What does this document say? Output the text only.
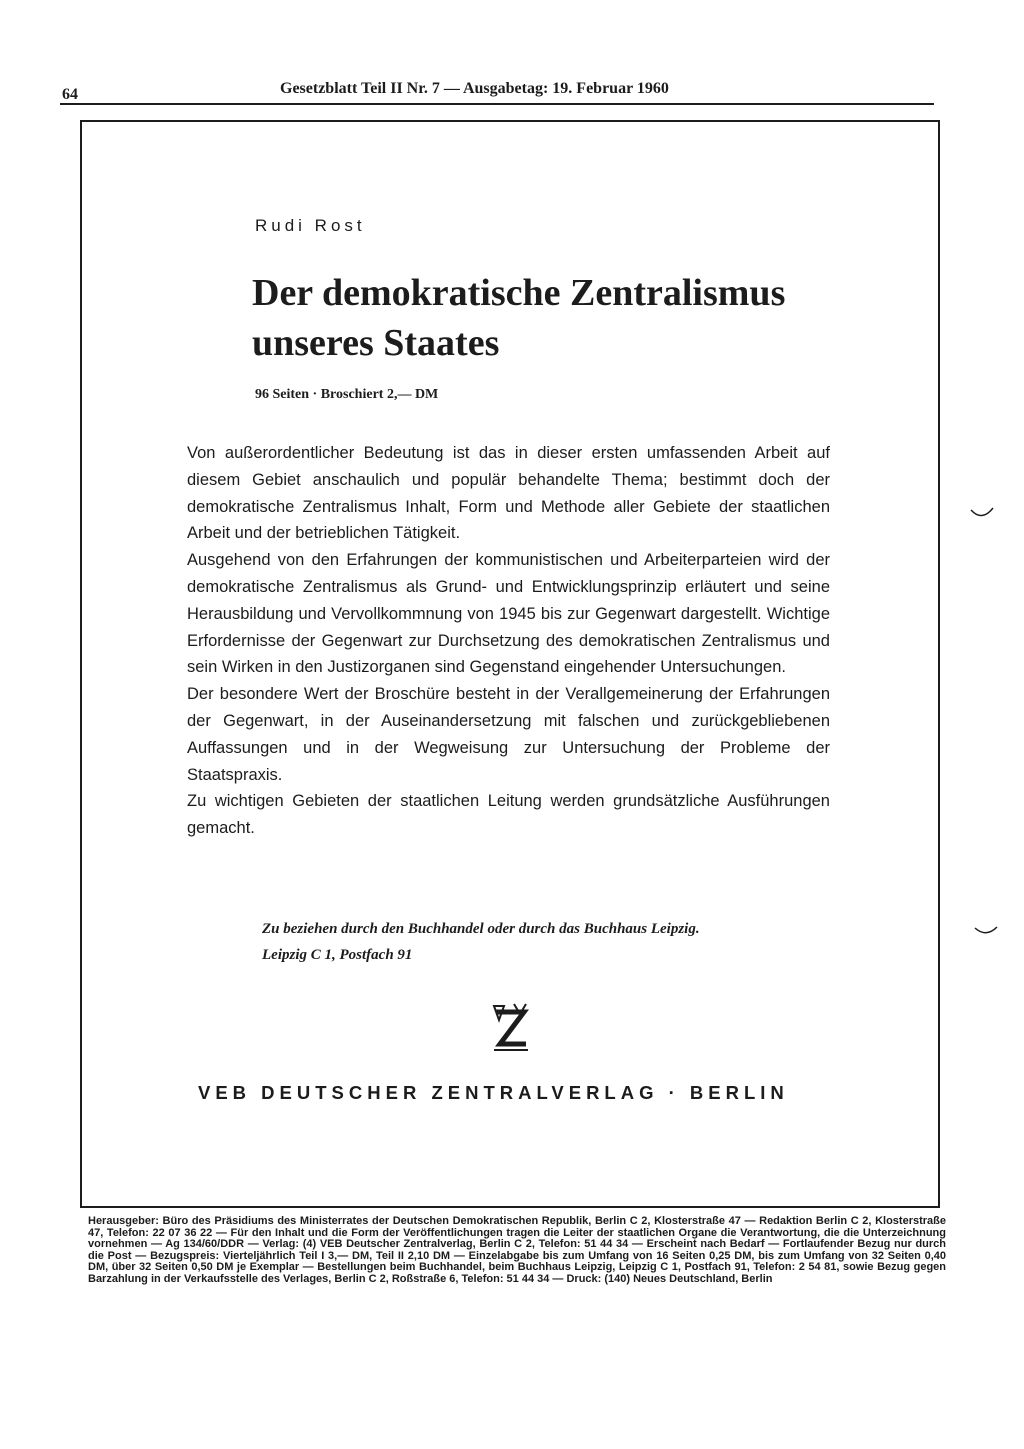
64	Gesetzblatt Teil II Nr. 7 — Ausgabetag: 19. Februar 1960
Rudi Rost
Der demokratische Zentralismus unseres Staates
96 Seiten · Broschiert 2,— DM

Von außerordentlicher Bedeutung ist das in dieser ersten umfassenden Arbeit auf diesem Gebiet anschaulich und populär behandelte Thema; bestimmt doch der demokratische Zentralismus Inhalt, Form und Methode aller Gebiete der staatlichen Arbeit und der betrieblichen Tätigkeit.

Ausgehend von den Erfahrungen der kommunistischen und Arbeiterparteien wird der demokratische Zentralismus als Grund- und Entwicklungsprinzip erläutert und seine Herausbildung und Vervollkommnung von 1945 bis zur Gegenwart dargestellt. Wichtige Erfordernisse der Gegenwart zur Durchsetzung des demokratischen Zentralismus und sein Wirken in den Justizorganen sind Gegenstand eingehender Untersuchungen.

Der besondere Wert der Broschüre besteht in der Verallgemeinerung der Erfahrungen der Gegenwart, in der Auseinandersetzung mit falschen und zurückgebliebenen Auffassungen und in der Wegweisung zur Untersuchung der Probleme der Staatspraxis.

Zu wichtigen Gebieten der staatlichen Leitung werden grundsätzliche Ausführungen gemacht.

Zu beziehen durch den Buchhandel oder durch das Buchhaus Leipzig.
Leipzig C 1, Postfach 91
VEB DEUTSCHER ZENTRALVERLAG · BERLIN
Herausgeber: Büro des Präsidiums des Ministerrates der Deutschen Demokratischen Republik, Berlin C 2, Klosterstraße 47 — Redaktion Berlin C 2, Klosterstraße 47, Telefon: 22 07 36 22 — Für den Inhalt und die Form der Veröffentlichungen tragen die Leiter der staatlichen Organe die Verantwortung, die die Unterzeichnung vornehmen — Ag 134/60/DDR — Verlag: (4) VEB Deutscher Zentralverlag, Berlin C 2, Telefon: 51 44 34 — Erscheint nach Bedarf — Fortlaufender Bezug nur durch die Post — Bezugspreis: Vierteljährlich Teil I 3,— DM, Teil II 2,10 DM — Einzelabgabe bis zum Umfang von 16 Seiten 0,25 DM, bis zum Umfang von 32 Seiten 0,40 DM, über 32 Seiten 0,50 DM je Exemplar — Bestellungen beim Buchhandel, beim Buchhaus Leipzig, Leipzig C 1, Postfach 91, Telefon: 2 54 81, sowie Bezug gegen Barzahlung in der Verkaufsstelle des Verlages, Berlin C 2, Roßstraße 6, Telefon: 51 44 34 — Druck: (140) Neues Deutschland, Berlin
